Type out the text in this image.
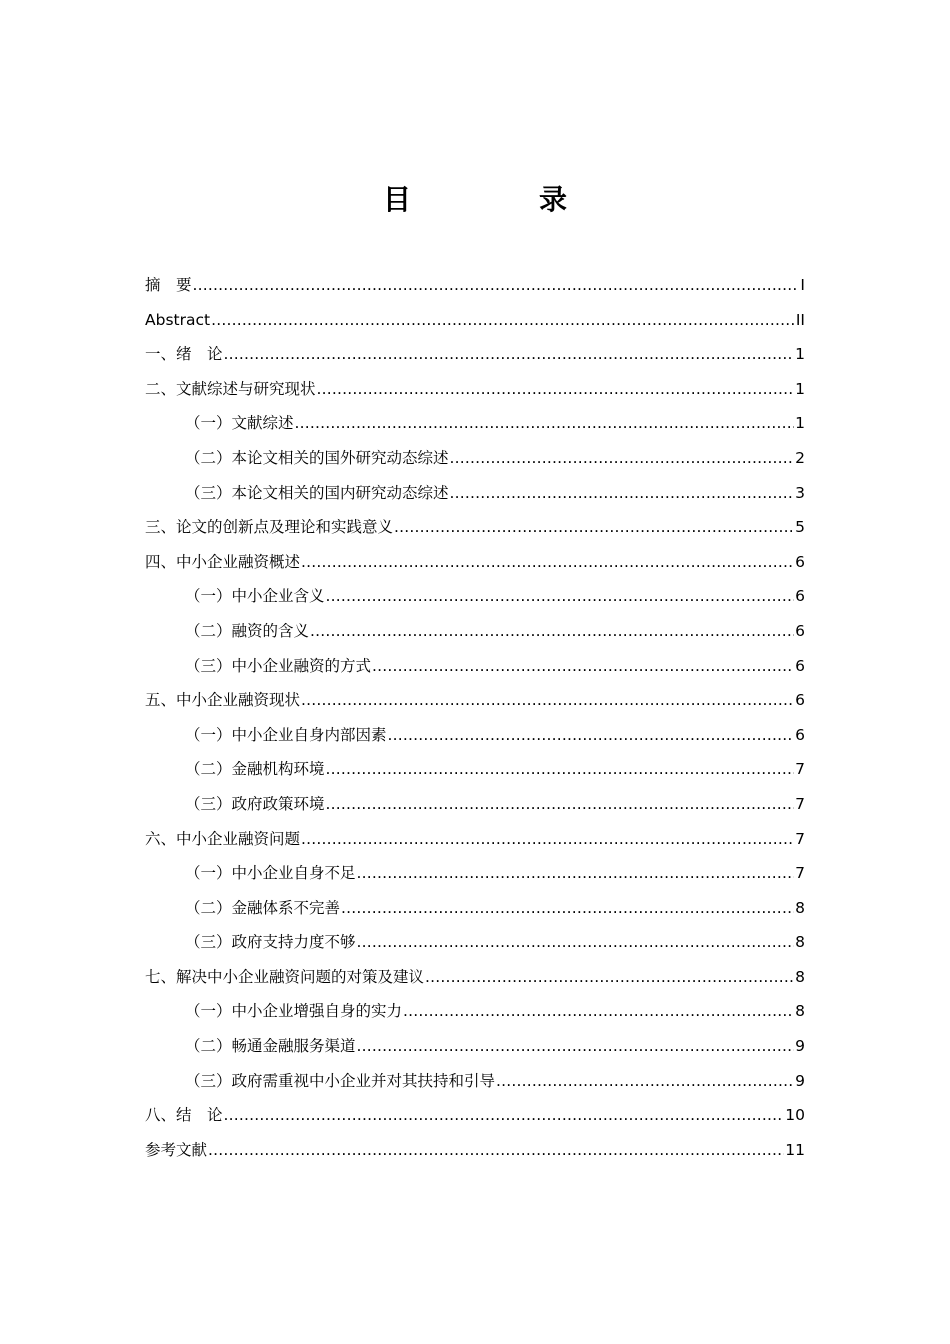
目　录
摘　要 .....	I
Abstract .....	II
一、绪　论 .....	1
二、文献综述与研究现状 .....	1
（一）文献综述 .....	1
（二）本论文相关的国外研究动态综述 .....	2
（三）本论文相关的国内研究动态综述 .....	3
三、论文的创新点及理论和实践意义 .....	5
四、中小企业融资概述 .....	6
（一）中小企业含义 .....	6
（二）融资的含义 .....	6
（三）中小企业融资的方式 .....	6
五、中小企业融资现状 .....	6
（一）中小企业自身内部因素 .....	6
（二）金融机构环境 .....	7
（三）政府政策环境 .....	7
六、中小企业融资问题 .....	7
（一）中小企业自身不足 .....	7
（二）金融体系不完善 .....	8
（三）政府支持力度不够 .....	8
七、解决中小企业融资问题的对策及建议 .....	8
（一）中小企业增强自身的实力 .....	8
（二）畅通金融服务渠道 .....	9
（三）政府需重视中小企业并对其扶持和引导 .....	9
八、结　论 .....	10
参考文献 .....	11
